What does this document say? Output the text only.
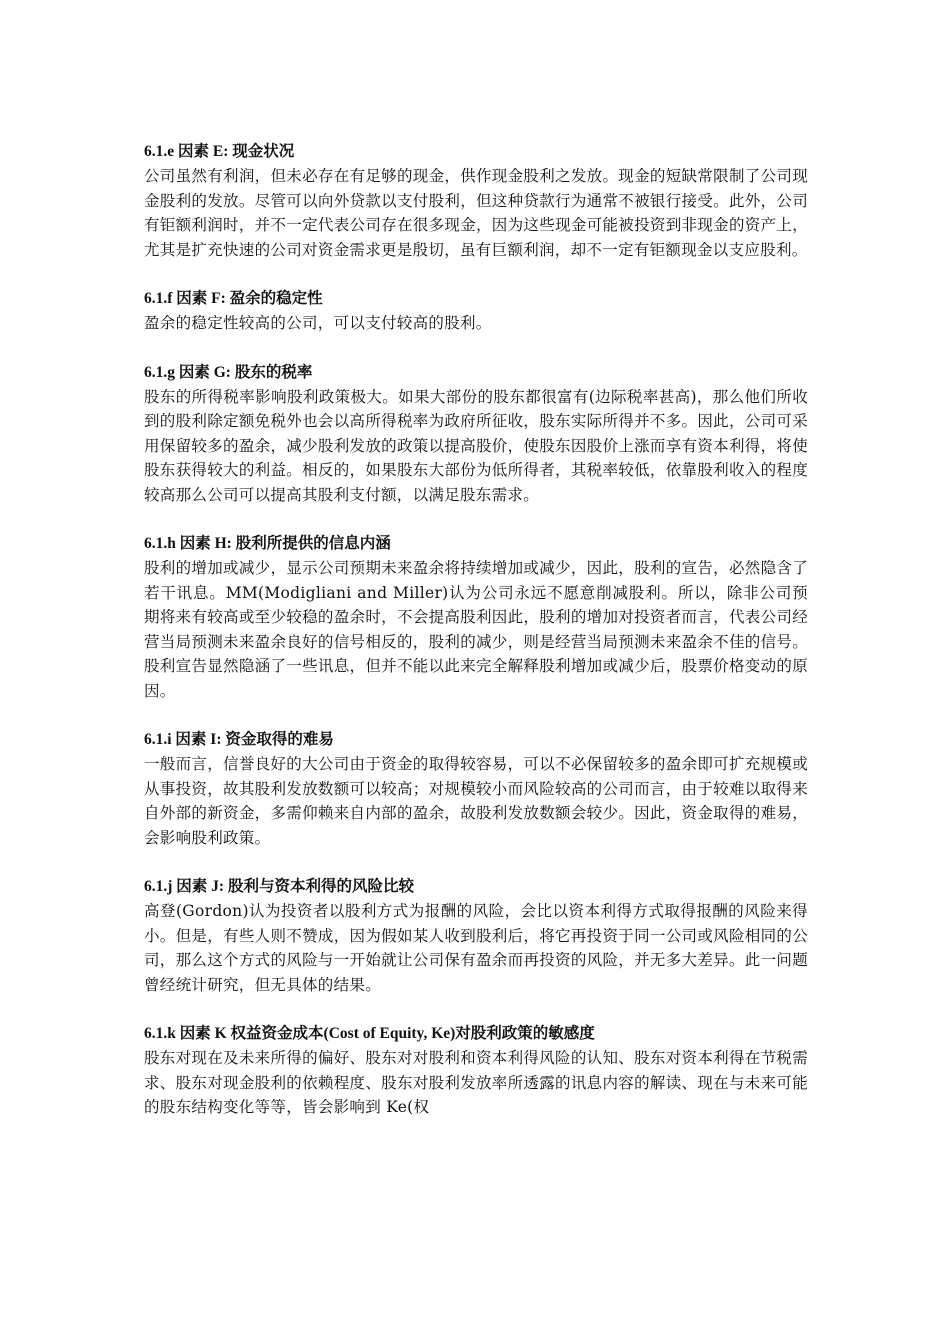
6.1.e 因素 E: 现金状况

公司虽然有利润，但未必存在有足够的现金，供作现金股利之发放。现金的短缺常限制了公司现金股利的发放。尽管可以向外贷款以支付股利，但这种贷款行为通常不被银行接受。此外，公司有钜额利润时，并不一定代表公司存在很多现金，因为这些现金可能被投资到非现金的资产上，尤其是扩充快速的公司对资金需求更是殷切，虽有巨额利润，却不一定有钜额现金以支应股利。

6.1.f 因素 F: 盈余的稳定性

盈余的稳定性较高的公司，可以支付较高的股利。

6.1.g 因素 G: 股东的税率

股东的所得税率影响股利政策极大。如果大部份的股东都很富有(边际税率甚高)，那么他们所收到的股利除定额免税外也会以高所得税率为政府所征收，股东实际所得并不多。因此，公司可采用保留较多的盈余，减少股利发放的政策以提高股价，使股东因股价上涨而享有资本利得，将使股东获得较大的利益。相反的，如果股东大部份为低所得者，其税率较低，依靠股利收入的程度较高那么公司可以提高其股利支付额，以满足股东需求。

6.1.h 因素 H: 股利所提供的信息内涵

股利的增加或减少，显示公司预期未来盈余将持续增加或减少，因此，股利的宣告，必然隐含了若干讯息。MM(Modigliani and Miller)认为公司永远不愿意削减股利。所以，除非公司预期将来有较高或至少较稳的盈余时，不会提高股利因此，股利的增加对投资者而言，代表公司经营当局预测未来盈余良好的信号相反的，股利的减少，则是经营当局预测未来盈余不佳的信号。股利宣告显然隐涵了一些讯息，但并不能以此来完全解释股利增加或减少后，股票价格变动的原因。

6.1.i 因素 I: 资金取得的难易

一般而言，信誉良好的大公司由于资金的取得较容易，可以不必保留较多的盈余即可扩充规模或从事投资，故其股利发放数额可以较高；对规模较小而风险较高的公司而言，由于较难以取得来自外部的新资金，多需仰赖来自内部的盈余，故股利发放数额会较少。因此，资金取得的难易，会影响股利政策。

6.1.j 因素 J: 股利与资本利得的风险比较

高登(Gordon)认为投资者以股利方式为报酬的风险，会比以资本利得方式取得报酬的风险来得小。但是，有些人则不赞成，因为假如某人收到股利后，将它再投资于同一公司或风险相同的公司，那么这个方式的风险与一开始就让公司保有盈余而再投资的风险，并无多大差异。此一问题曾经统计研究，但无具体的结果。

6.1.k 因素 K 权益资金成本(Cost of Equity, Ke)对股利政策的敏感度

股东对现在及未来所得的偏好、股东对对股利和资本利得风险的认知、股东对资本利得在节税需求、股东对现金股利的依赖程度、股东对股利发放率所透露的讯息内容的解读、现在与未来可能的股东结构变化等等，皆会影响到 Ke(权
